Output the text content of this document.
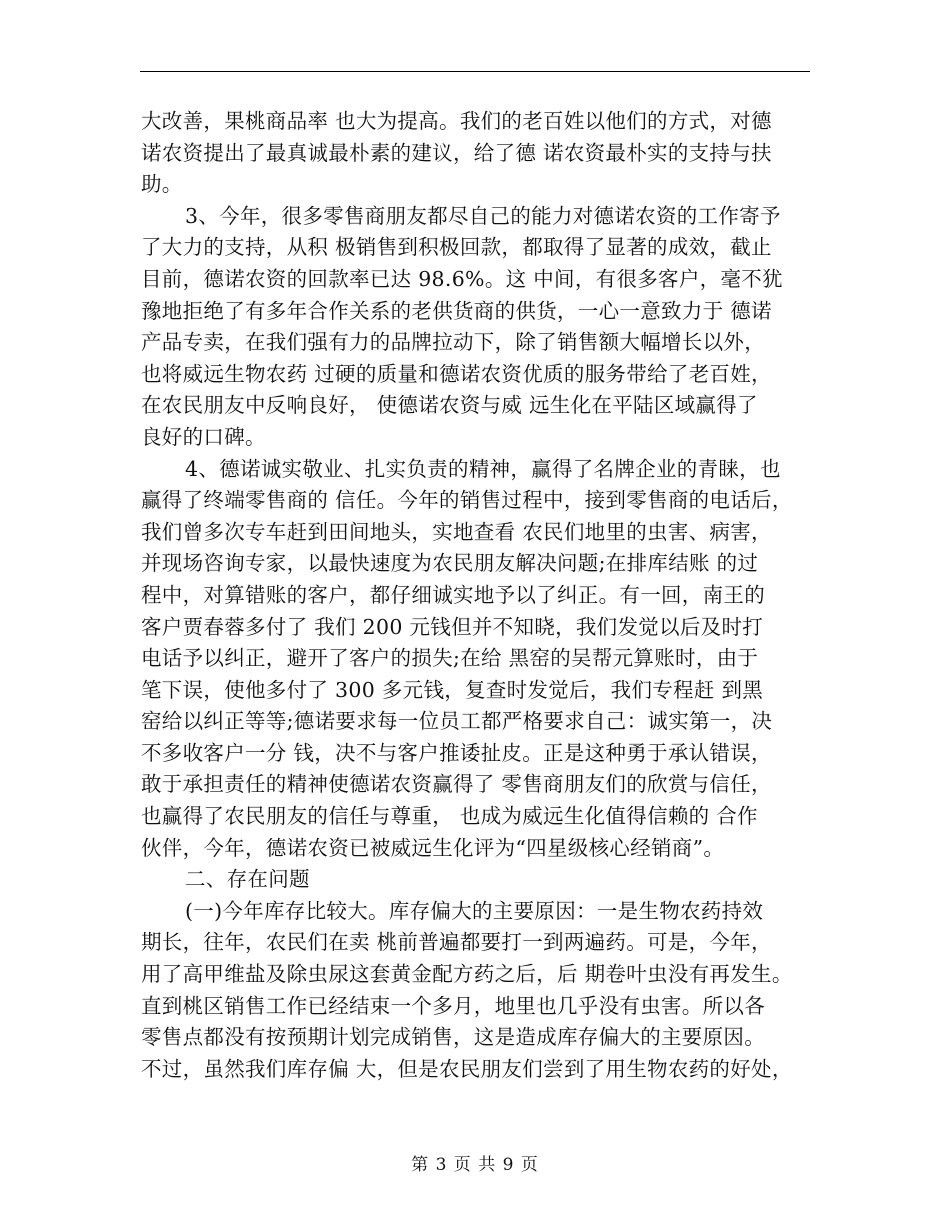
大改善，果桃商品率 也大为提高。我们的老百姓以他们的方式，对德
诺农资提出了最真诚最朴素的建议，给了德 诺农资最朴实的支持与扶
助。

3、今年，很多零售商朋友都尽自己的能力对德诺农资的工作寄予
了大力的支持，从积 极销售到积极回款，都取得了显著的成效，截止
目前，德诺农资的回款率已达 98.6%。这 中间，有很多客户，毫不犹
豫地拒绝了有多年合作关系的老供货商的供货，一心一意致力于 德诺
产品专卖，在我们强有力的品牌拉动下，除了销售额大幅增长以外，
也将威远生物农药 过硬的质量和德诺农资优质的服务带给了老百姓，
在农民朋友中反响良好， 使德诺农资与威 远生化在平陆区域赢得了
良好的口碑。

4、德诺诚实敬业、扎实负责的精神，赢得了名牌企业的青睐，也
赢得了终端零售商的 信任。今年的销售过程中，接到零售商的电话后，
我们曾多次专车赶到田间地头，实地查看 农民们地里的虫害、病害，
并现场咨询专家，以最快速度为农民朋友解决问题;在排库结账 的过
程中，对算错账的客户，都仔细诚实地予以了纠正。有一回，南王的
客户贾春蓉多付了 我们 200 元钱但并不知晓，我们发觉以后及时打
电话予以纠正，避开了客户的损失;在给 黑窑的吴帮元算账时，由于
笔下误，使他多付了 300 多元钱，复查时发觉后，我们专程赶 到黑
窑给以纠正等等;德诺要求每一位员工都严格要求自己：诚实第一，决
不多收客户一分 钱，决不与客户推诿扯皮。正是这种勇于承认错误，
敢于承担责任的精神使德诺农资赢得了 零售商朋友们的欣赏与信任，
也赢得了农民朋友的信任与尊重， 也成为威远生化值得信赖的 合作
伙伴，今年，德诺农资已被威远生化评为“四星级核心经销商”。

二、存在问题

(一)今年库存比较大。库存偏大的主要原因：一是生物农药持效
期长，往年，农民们在卖 桃前普遍都要打一到两遍药。可是，今年，
用了高甲维盐及除虫尿这套黄金配方药之后，后 期卷叶虫没有再发生。
直到桃区销售工作已经结束一个多月，地里也几乎没有虫害。所以各
零售点都没有按预期计划完成销售，这是造成库存偏大的主要原因。
不过，虽然我们库存偏 大，但是农民朋友们尝到了用生物农药的好处，

第 3 页 共 9 页
